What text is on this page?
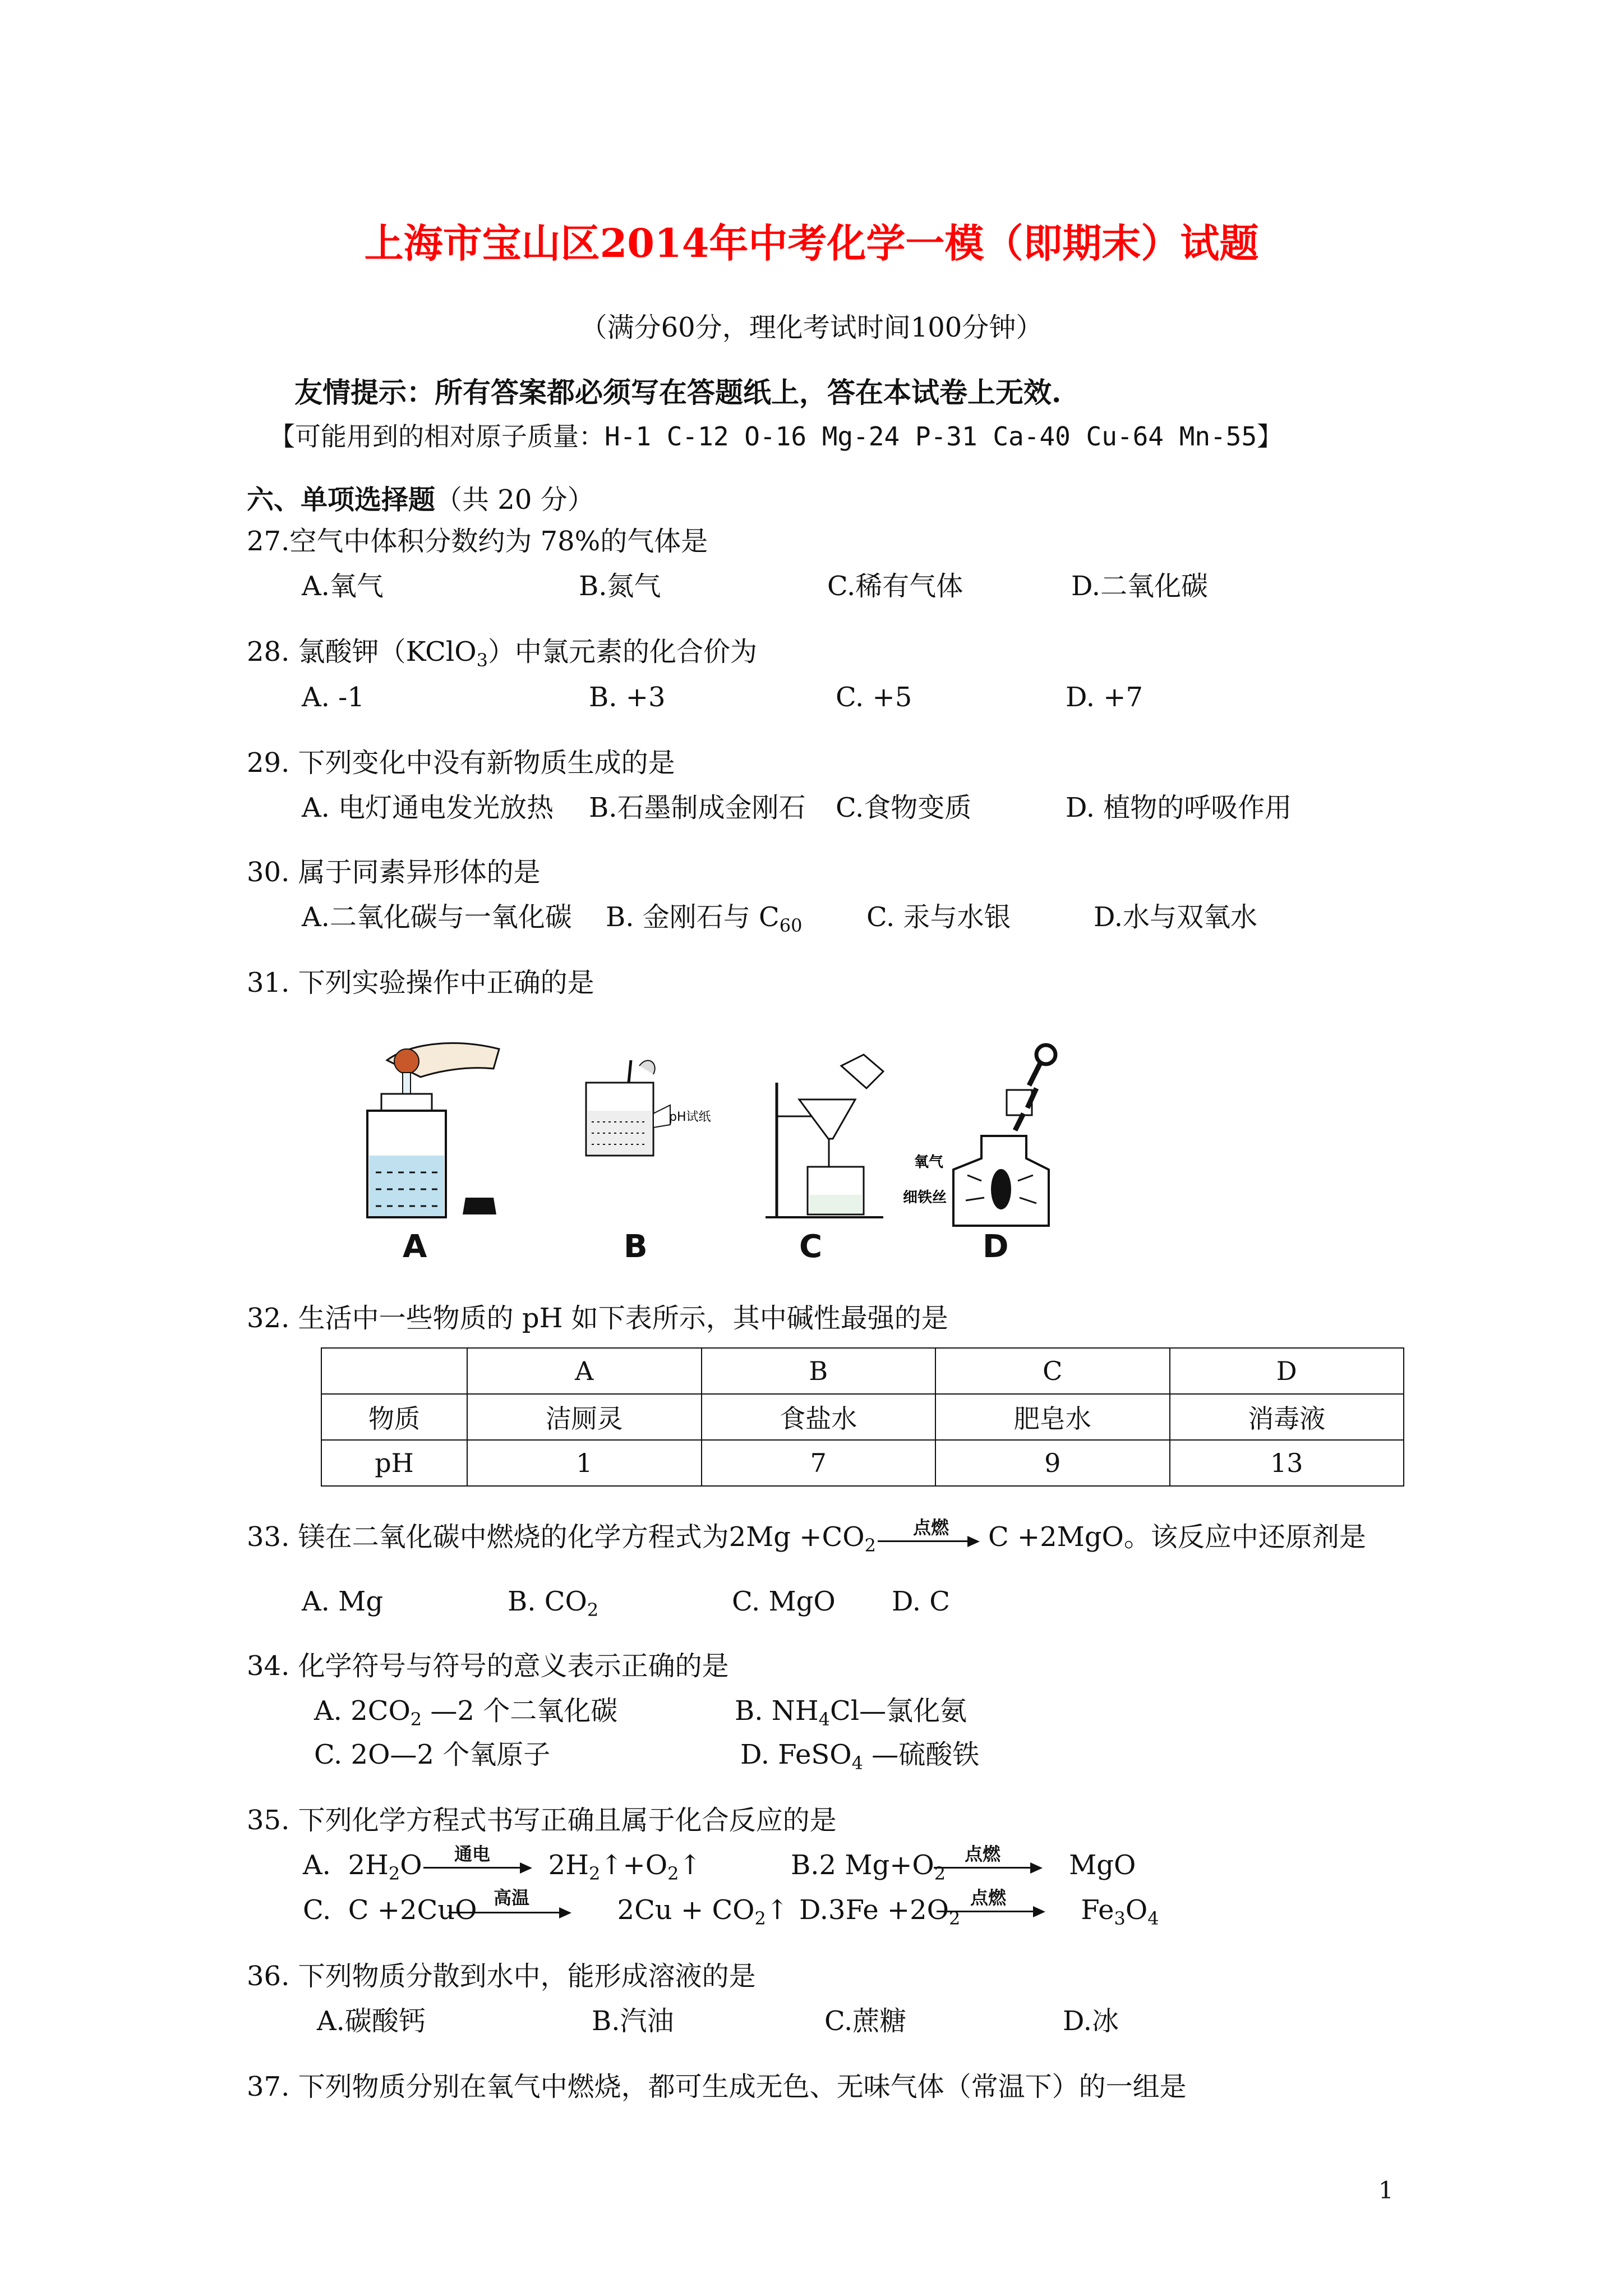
上海市宝山区2014年中考化学一模（即期末）试题
（满分60分，理化考试时间100分钟）
友情提示：所有答案都必须写在答题纸上，答在本试卷上无效.
【可能用到的相对原子质量：H-1 C-12 O-16 Mg-24 P-31 Ca-40 Cu-64 Mn-55】
六、单项选择题（共 20 分）
27.空气中体积分数约为 78%的气体是
A.氧气	B.氮气	C.稀有气体	D.二氧化碳
28. 氯酸钾（KClO$_3$）中氯元素的化合价为
A. -1	B. +3	C. +5	D. +7
29. 下列变化中没有新物质生成的是
A. 电灯通电发光放热 B.石墨制成金刚石 C.食物变质	D. 植物的呼吸作用
30. 属于同素异形体的是
A.二氧化碳与一氧化碳 B. 金刚石与 $C_{60}$ C. 汞与水银	D.水与双氧水
31. 下列实验操作中正确的是
A
pH试纸
B	C
氧气
细铁丝
D
32. 生活中一些物质的 pH 如下表所示，其中碱性最强的是
	A	B	C	D
物质	洁厕灵	食盐水	肥皂水	消毒液
pH	1	7	9	13
33. 镁在二氧化碳中燃烧的化学方程式为$2Mg +CO_2$	C +2MgO。该反应中还原剂是
点燃
A. Mg	B. $CO_2$	C. MgO D. C
34. 化学符号与符号的意义表示正确的是
A. $2CO_2$ —2 个二氧化碳	B. $NH_4Cl—$氯化氨
C. 2O—2 个氧原子	D. FeSO$_4$ —硫酸铁
35. 下列化学方程式书写正确且属于化合反应的是
A.  $2H_2O$	$2H_2↑+O_2↑$
通电	B.2 $Mg+O_2$	MgO
点燃
C.  C +2CuO	$2Cu + CO_2↑$
高温	$D.3Fe +2O_2$	$Fe_3O_4$
点燃
36. 下列物质分散到水中，能形成溶液的是
A.碳酸钙	B.汽油	C.蔗糖	D.冰
37. 下列物质分别在氧气中燃烧，都可生成无色、无味气体（常温下）的一组是
1
